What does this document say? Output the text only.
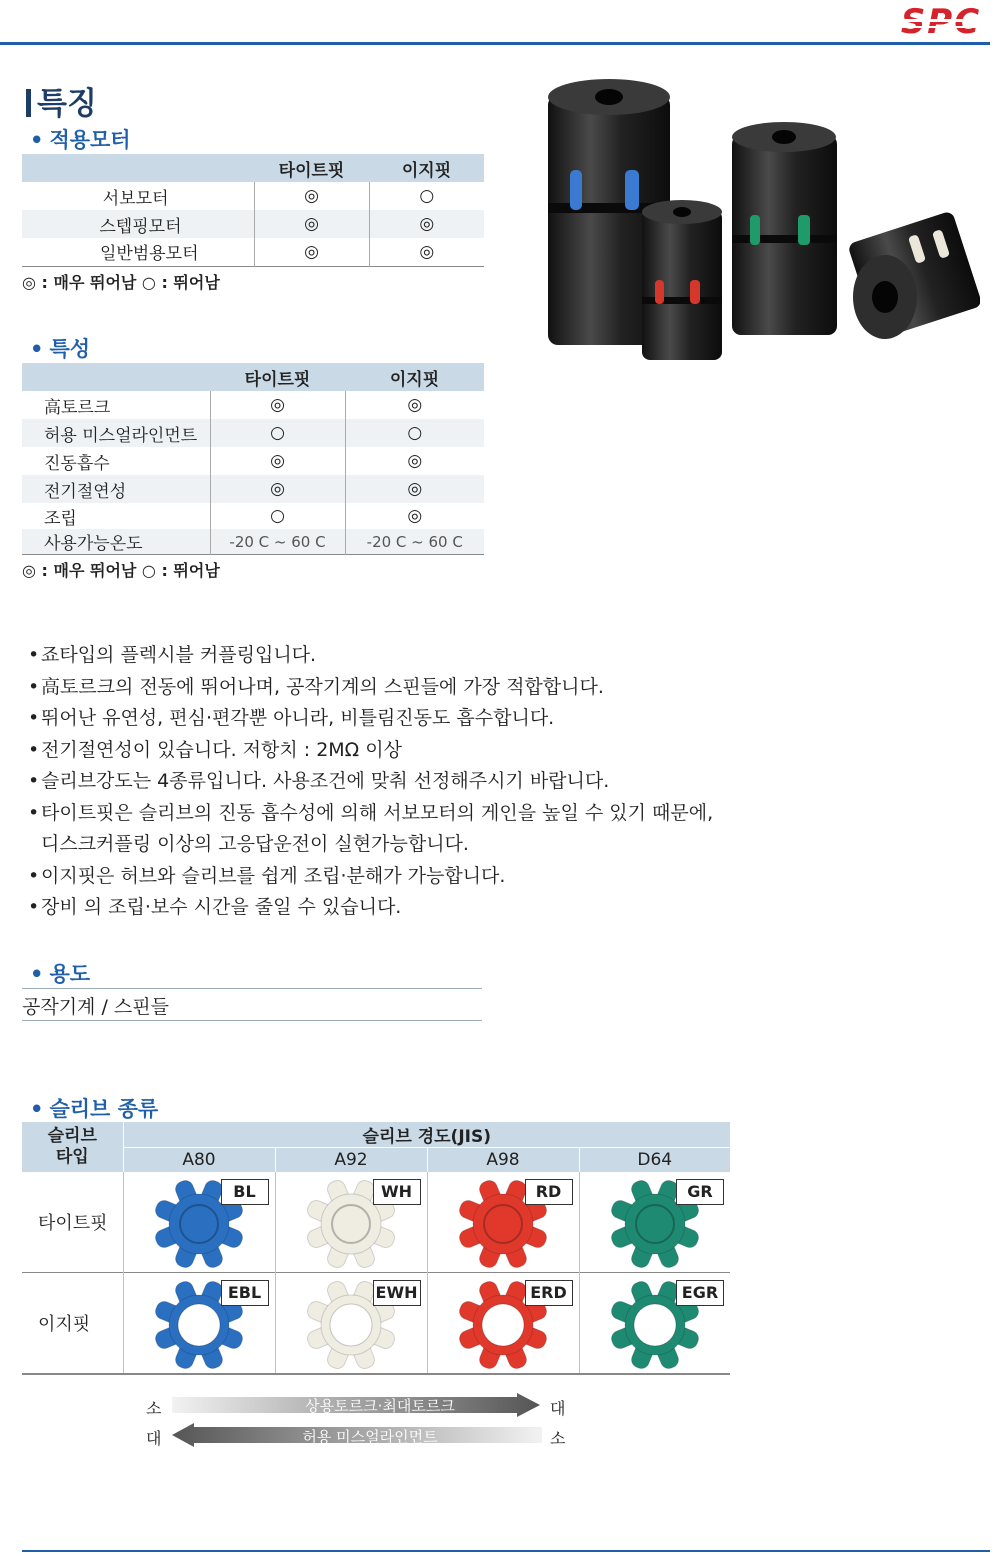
특징
• 적용모터
	타이트핏	이지핏
서보모터	◎	○
스텝핑모터	◎	◎
일반범용모터	◎	◎
◎ : 매우 뛰어남 ○ : 뛰어남
• 특성
	타이트핏	이지핏
高토르크	◎	◎
허용 미스얼라인먼트	○	○
진동흡수	◎	◎
전기절연성	◎	◎
조립	○	◎
사용가능온도	-20 C ~ 60 C	-20 C ~ 60 C
◎ : 매우 뛰어남 ○ : 뛰어남
•죠타입의 플렉시블 커플링입니다.
•高토르크의 전동에 뛰어나며, 공작기계의 스핀들에 가장 적합합니다.
•뛰어난 유연성, 편심·편각뿐 아니라, 비틀림진동도 흡수합니다.
•전기절연성이 있습니다. 저항치 : 2MΩ 이상
•슬리브강도는 4종류입니다. 사용조건에 맞춰 선정해주시기 바랍니다.
•타이트핏은 슬리브의 진동 흡수성에 의해 서보모터의 게인을 높일 수 있기 때문에,
디스크커플링 이상의 고응답운전이 실현가능합니다.
•이지핏은 허브와 슬리브를 쉽게 조립·분해가 가능합니다.
•장비 의 조립·보수 시간을 줄일 수 있습니다.
• 용도
공작기계 / 스핀들
• 슬리브 종류
슬리브 타입	슬리브 경도(JIS)			
	A80	A92	A98	D64
타이트핏	BL	WH	RD	GR

이지핏	EBL	EWH	ERD	EGR
소	상용토르크·최대토르크
허용 미스얼라인먼트
대
대	소
